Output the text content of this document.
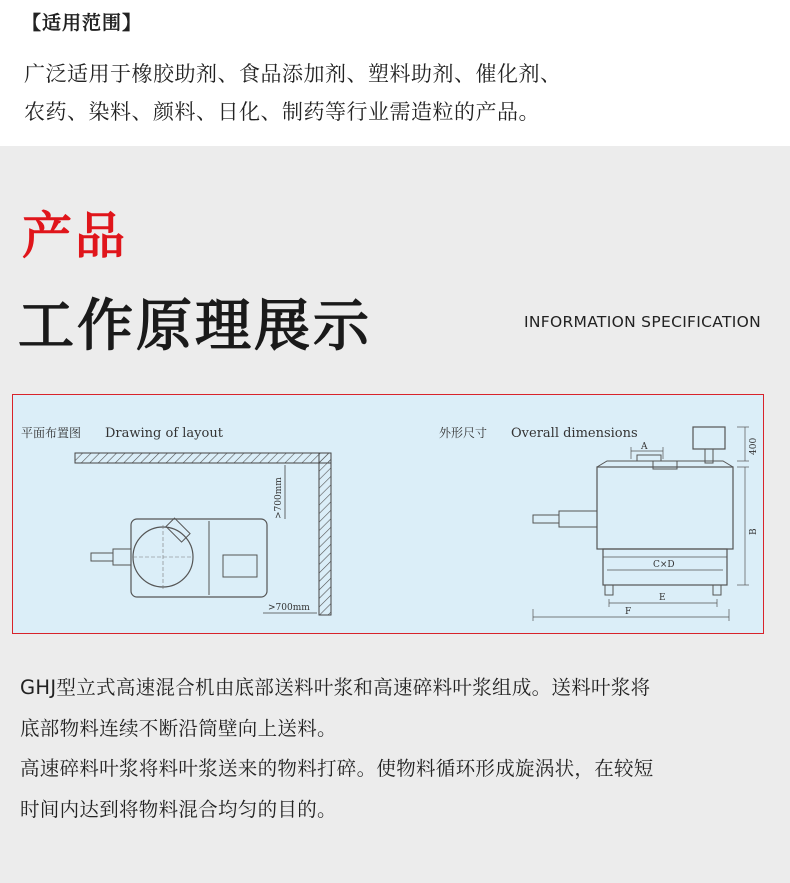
【适用范围】
广泛适用于橡胶助剂、食品添加剂、塑料助剂、催化剂、
农药、染料、颜料、日化、制药等行业需造粒的产品。
产品
工作原理展示	INFORMATION SPECIFICATION
平面布置图 Drawing of layout
>700mm
>700mm
外形尺寸 Overall dimensions
A	400
B
C×D
E
F
GHJ型立式高速混合机由底部送料叶浆和高速碎料叶浆组成。送料叶浆将
底部物料连续不断沿筒壁向上送料。
高速碎料叶浆将料叶浆送来的物料打碎。使物料循环形成旋涡状，在较短
时间内达到将物料混合均匀的目的。
